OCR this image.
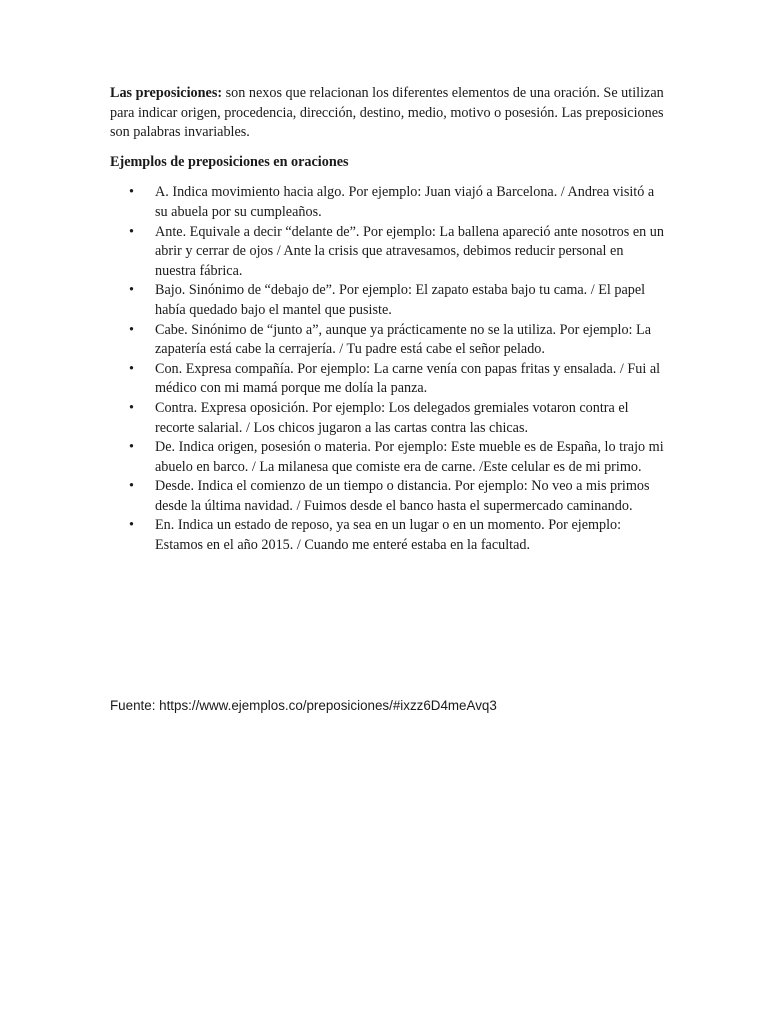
Las preposiciones: son nexos que relacionan los diferentes elementos de una oración. Se utilizan para indicar origen, procedencia, dirección, destino, medio, motivo o posesión. Las preposiciones son palabras invariables.

Ejemplos de preposiciones en oraciones

•	A. Indica movimiento hacia algo. Por ejemplo: Juan viajó a Barcelona. / Andrea visitó a su abuela por su cumpleaños.
•	Ante. Equivale a decir “delante de”. Por ejemplo: La ballena apareció ante nosotros en un abrir y cerrar de ojos / Ante la crisis que atravesamos, debimos reducir personal en nuestra fábrica.
•	Bajo. Sinónimo de “debajo de”. Por ejemplo: El zapato estaba bajo tu cama. / El papel había quedado bajo el mantel que pusiste.
•	Cabe. Sinónimo de “junto a”, aunque ya prácticamente no se la utiliza. Por ejemplo: La zapatería está cabe la cerrajería. / Tu padre está cabe el señor pelado.
•	Con. Expresa compañía. Por ejemplo: La carne venía con papas fritas y ensalada. / Fui al médico con mi mamá porque me dolía la panza.
•	Contra. Expresa oposición. Por ejemplo: Los delegados gremiales votaron contra el recorte salarial. / Los chicos jugaron a las cartas contra las chicas.
•	De. Indica origen, posesión o materia. Por ejemplo: Este mueble es de España, lo trajo mi abuelo en barco. / La milanesa que comiste era de carne. /Este celular es de mi primo.
•	Desde. Indica el comienzo de un tiempo o distancia. Por ejemplo: No veo a mis primos desde la última navidad. / Fuimos desde el banco hasta el supermercado caminando.
•	En. Indica un estado de reposo, ya sea en un lugar o en un momento. Por ejemplo: Estamos en el año 2015. / Cuando me enteré estaba en la facultad.

Fuente: https://www.ejemplos.co/preposiciones/#ixzz6D4meAvq3
